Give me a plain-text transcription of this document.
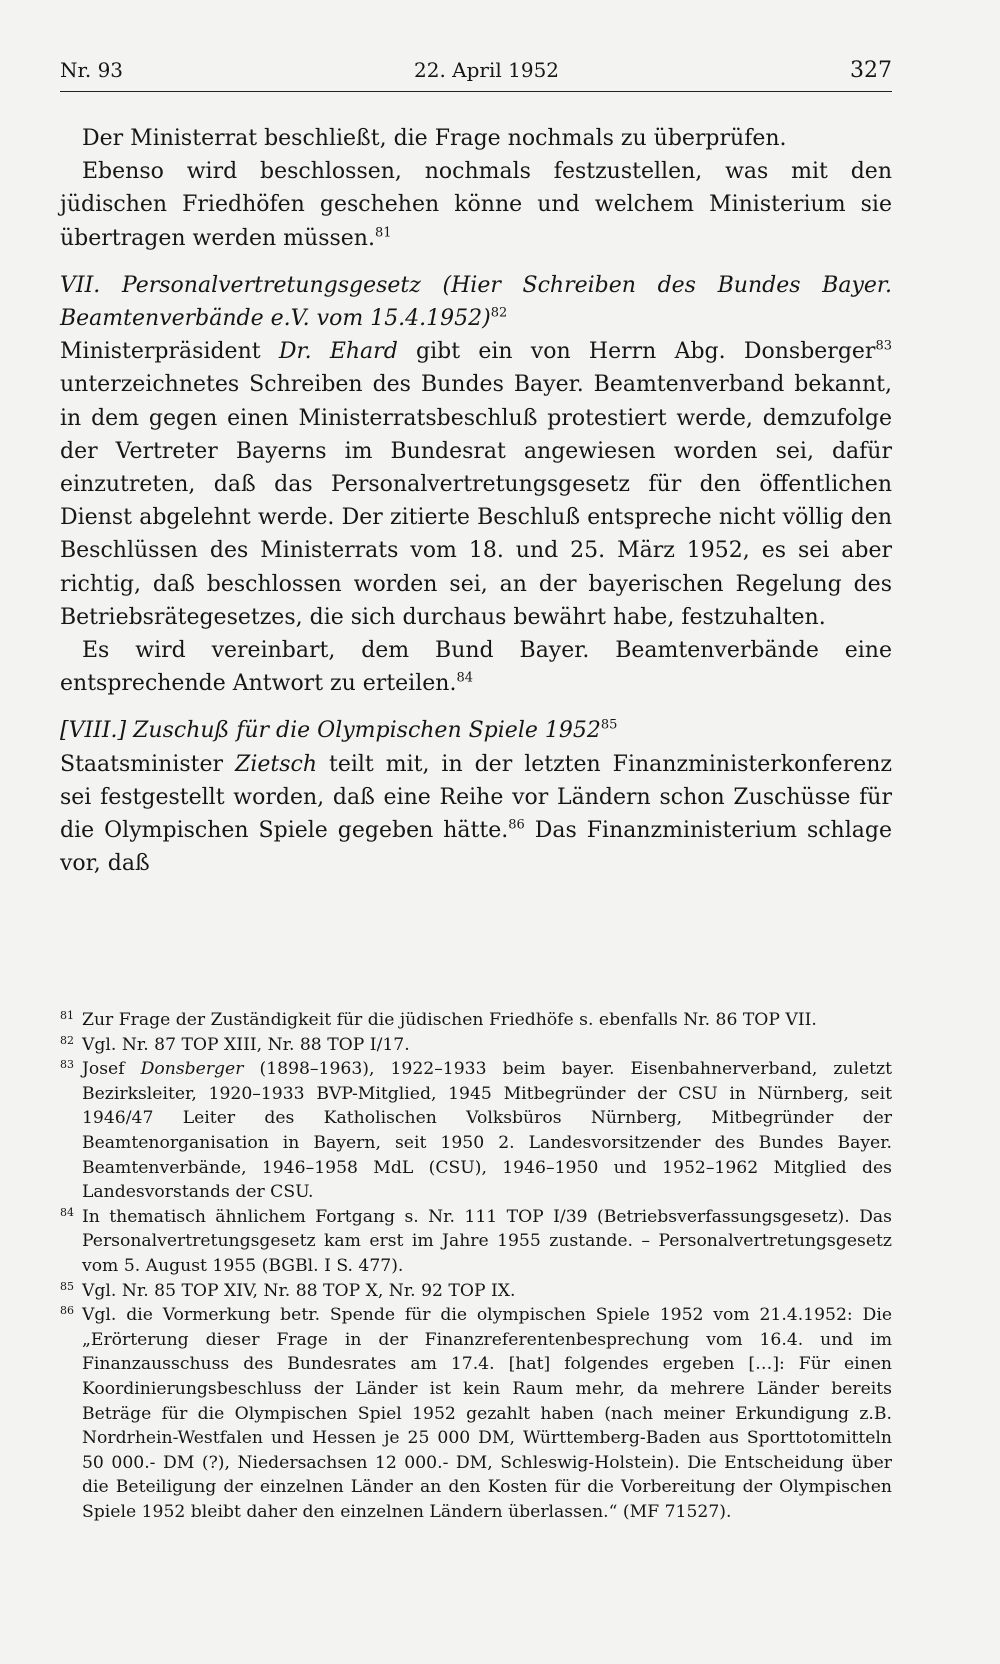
Nr. 93	22. April 1952	327

Der Ministerrat beschließt, die Frage nochmals zu überprüfen.

Ebenso wird beschlossen, nochmals festzustellen, was mit den jüdischen Friedhöfen geschehen könne und welchem Ministerium sie übertragen werden müssen.$^{81}$

VII. Personalvertretungsgesetz (Hier Schreiben des Bundes Bayer. Beamtenverbände e.V. vom 15.4.1952)$^{82}$

Ministerpräsident Dr. Ehard gibt ein von Herrn Abg. Donsberger$^{83}$ unterzeichnetes Schreiben des Bundes Bayer. Beamtenverband bekannt, in dem gegen einen Ministerratsbeschluß protestiert werde, demzufolge der Vertreter Bayerns im Bundesrat angewiesen worden sei, dafür einzutreten, daß das Personalvertretungsgesetz für den öffentlichen Dienst abgelehnt werde. Der zitierte Beschluß entspreche nicht völlig den Beschlüssen des Ministerrats vom 18. und 25. März 1952, es sei aber richtig, daß beschlossen worden sei, an der bayerischen Regelung des Betriebsrätegesetzes, die sich durchaus bewährt habe, festzuhalten.

Es wird vereinbart, dem Bund Bayer. Beamtenverbände eine entsprechende Antwort zu erteilen.$^{84}$

[VIII.] Zuschuß für die Olympischen Spiele 1952$^{85}$

Staatsminister Zietsch teilt mit, in der letzten Finanzministerkonferenz sei festgestellt worden, daß eine Reihe vor Ländern schon Zuschüsse für die Olympischen Spiele gegeben hätte.$^{86}$ Das Finanzministerium schlage vor, daß

81 Zur Frage der Zuständigkeit für die jüdischen Friedhöfe s. ebenfalls Nr. 86 TOP VII.

82 Vgl. Nr. 87 TOP XIII, Nr. 88 TOP I/17.

83 Josef Donsberger (1898–1963), 1922–1933 beim bayer. Eisenbahnerverband, zuletzt Bezirksleiter, 1920–1933 BVP-Mitglied, 1945 Mitbegründer der CSU in Nürnberg, seit 1946/47 Leiter des Katholischen Volksbüros Nürnberg, Mitbegründer der Beamtenorganisation in Bayern, seit 1950 2. Landesvorsitzender des Bundes Bayer. Beamtenverbände, 1946–1958 MdL (CSU), 1946–1950 und 1952–1962 Mitglied des Landesvorstands der CSU.

84 In thematisch ähnlichem Fortgang s. Nr. 111 TOP I/39 (Betriebsverfassungsgesetz). Das Personalvertretungsgesetz kam erst im Jahre 1955 zustande. – Personalvertretungsgesetz vom 5. August 1955 (BGBl. I S. 477).

85 Vgl. Nr. 85 TOP XIV, Nr. 88 TOP X, Nr. 92 TOP IX.

86 Vgl. die Vormerkung betr. Spende für die olympischen Spiele 1952 vom 21.4.1952: Die „Erörterung dieser Frage in der Finanzreferentenbesprechung vom 16.4. und im Finanzausschuss des Bundesrates am 17.4. [hat] folgendes ergeben […]: Für einen Koordinierungsbeschluss der Länder ist kein Raum mehr, da mehrere Länder bereits Beträge für die Olympischen Spiel 1952 gezahlt haben (nach meiner Erkundigung z.B. Nordrhein-Westfalen und Hessen je 25 000 DM, Württemberg-Baden aus Sporttotomitteln 50 000.- DM (?), Niedersachsen 12 000.- DM, Schleswig-Holstein). Die Entscheidung über die Beteiligung der einzelnen Länder an den Kosten für die Vorbereitung der Olympischen Spiele 1952 bleibt daher den einzelnen Ländern überlassen.“ (MF 71527).
